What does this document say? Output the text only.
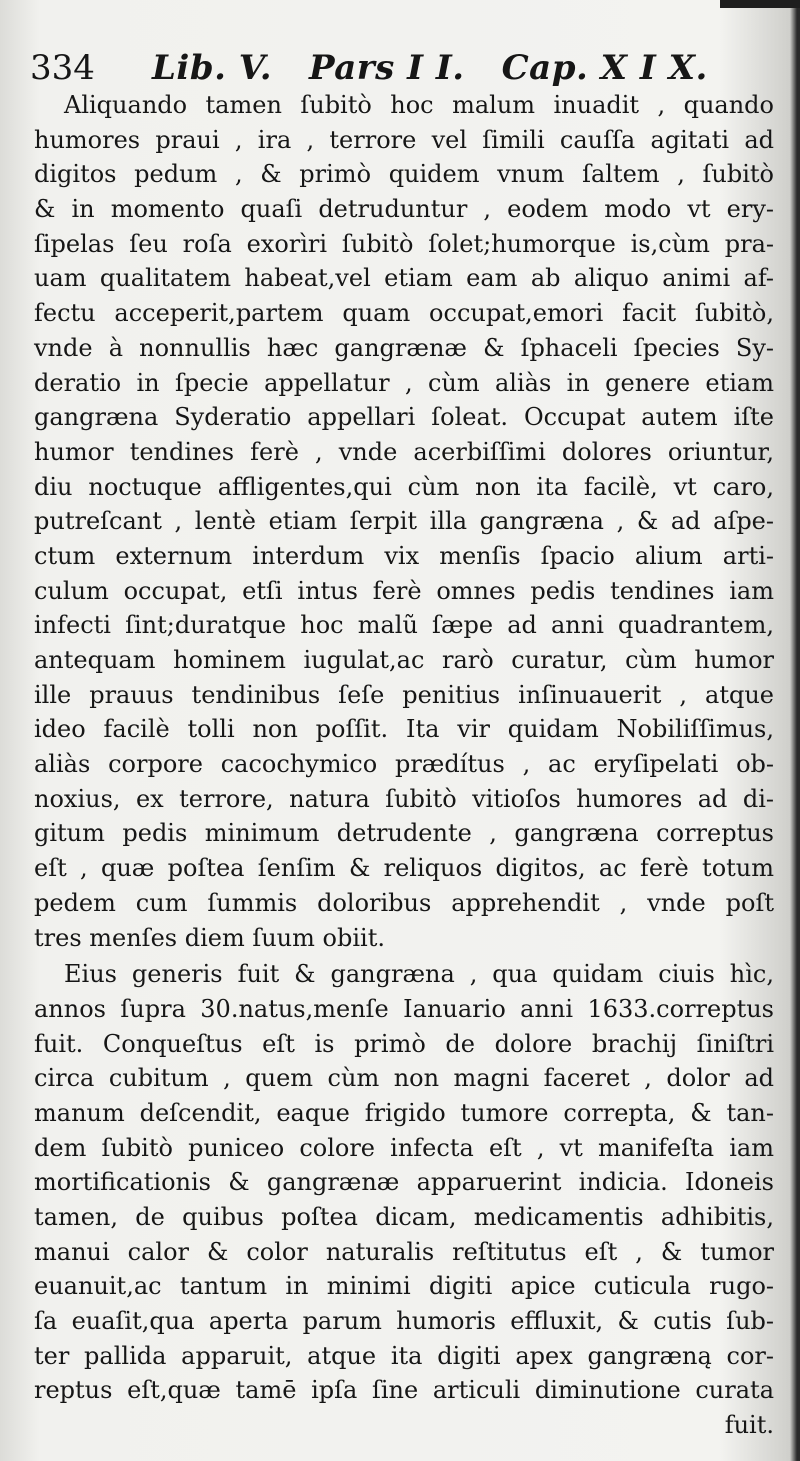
334 Lib. V.   Pars I I.   Cap. X I X.
Aliquando tamen ſubitò hoc malum inuadit , quando
humores praui , ira , terrore vel ſimili cauſſa agitati ad
digitos pedum , & primò quidem vnum ſaltem , ſubitò
& in momento quaſi detruduntur , eodem modo vt ery-
ſipelas ſeu roſa exorìri ſubitò ſolet;humorque is,cùm pra-
uam qualitatem habeat,vel etiam eam ab aliquo animi af-
fectu acceperit,partem quam occupat,emori facit ſubitò,
vnde à nonnullis hæc gangrænæ & ſphaceli ſpecies Sy-
deratio in ſpecie appellatur , cùm aliàs in genere etiam
gangræna Syderatio appellari ſoleat. Occupat autem iſte
humor tendines ferè , vnde acerbiſſimi dolores oriuntur,
diu noctuque affligentes,qui cùm non ita facilè, vt caro,
putreſcant , lentè etiam ſerpit illa gangræna , & ad aſpe-
ctum externum interdum vix menſis ſpacio alium arti-
culum occupat, etſi intus ferè omnes pedis tendines iam
infecti ſint;duratque hoc malũ ſæpe ad anni quadrantem,
antequam hominem iugulat,ac rarò curatur, cùm humor
ille prauus tendinibus ſeſe penitius inſinuauerit , atque
ideo facilè tolli non poſſit. Ita vir quidam Nobiliſſimus,
aliàs corpore cacochymico prædítus , ac eryſipelati ob-
noxius, ex terrore, natura ſubitò vitioſos humores ad di-
gitum pedis minimum detrudente , gangræna correptus
eſt , quæ poſtea ſenſim & reliquos digitos, ac ferè totum
pedem cum ſummis doloribus apprehendit , vnde poſt
tres menſes diem ſuum obiit.
Eius generis fuit & gangræna , qua quidam ciuis hìc,
annos ſupra 30.natus,menſe Ianuario anni 1633.correptus
fuit. Conqueſtus eſt is primò de dolore brachij ſiniſtri
circa cubitum , quem cùm non magni faceret , dolor ad
manum deſcendit, eaque frigido tumore correpta, & tan-
dem ſubitò puniceo colore infecta eſt , vt manifeſta iam
mortificationis & gangrænæ apparuerint indicia. Idoneis
tamen, de quibus poſtea dicam, medicamentis adhibitis,
manui calor & color naturalis reſtitutus eſt , & tumor
euanuit,ac tantum in minimi digiti apice cuticula rugo-
ſa euaſit,qua aperta parum humoris effluxit, & cutis ſub-
ter pallida apparuit, atque ita digiti apex gangræną cor-
reptus eſt,quæ tamē ipſa ſine articuli diminutione curata
fuit.
